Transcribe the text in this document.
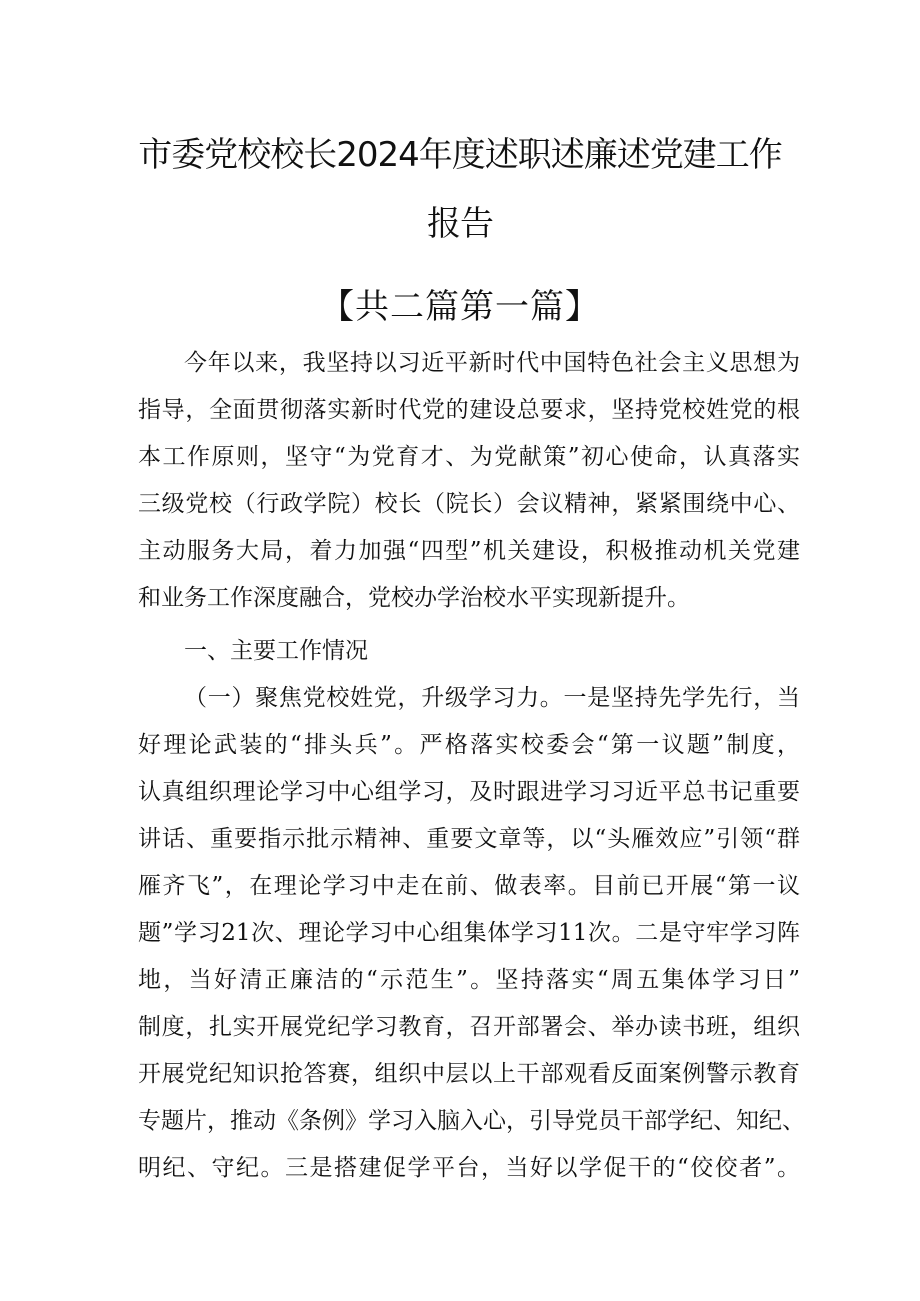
市委党校校长2024年度述职述廉述党建工作
报告
【共二篇第一篇】
今年以来，我坚持以习近平新时代中国特色社会主义思想为
指导，全面贯彻落实新时代党的建设总要求，坚持党校姓党的根
本工作原则，坚守“为党育才、为党献策”初心使命，认真落实
三级党校（行政学院）校长（院长）会议精神，紧紧围绕中心、
主动服务大局，着力加强“四型”机关建设，积极推动机关党建
和业务工作深度融合，党校办学治校水平实现新提升。
一、主要工作情况
（一）聚焦党校姓党，升级学习力。一是坚持先学先行，当
好理论武装的“排头兵”。严格落实校委会“第一议题”制度，
认真组织理论学习中心组学习，及时跟进学习习近平总书记重要
讲话、重要指示批示精神、重要文章等，以“头雁效应”引领“群
雁齐飞”，在理论学习中走在前、做表率。目前已开展“第一议
题”学习21次、理论学习中心组集体学习11次。二是守牢学习阵
地，当好清正廉洁的“示范生”。坚持落实“周五集体学习日”
制度，扎实开展党纪学习教育，召开部署会、举办读书班，组织
开展党纪知识抢答赛，组织中层以上干部观看反面案例警示教育
专题片，推动《条例》学习入脑入心，引导党员干部学纪、知纪、
明纪、守纪。三是搭建促学平台，当好以学促干的“佼佼者”。
